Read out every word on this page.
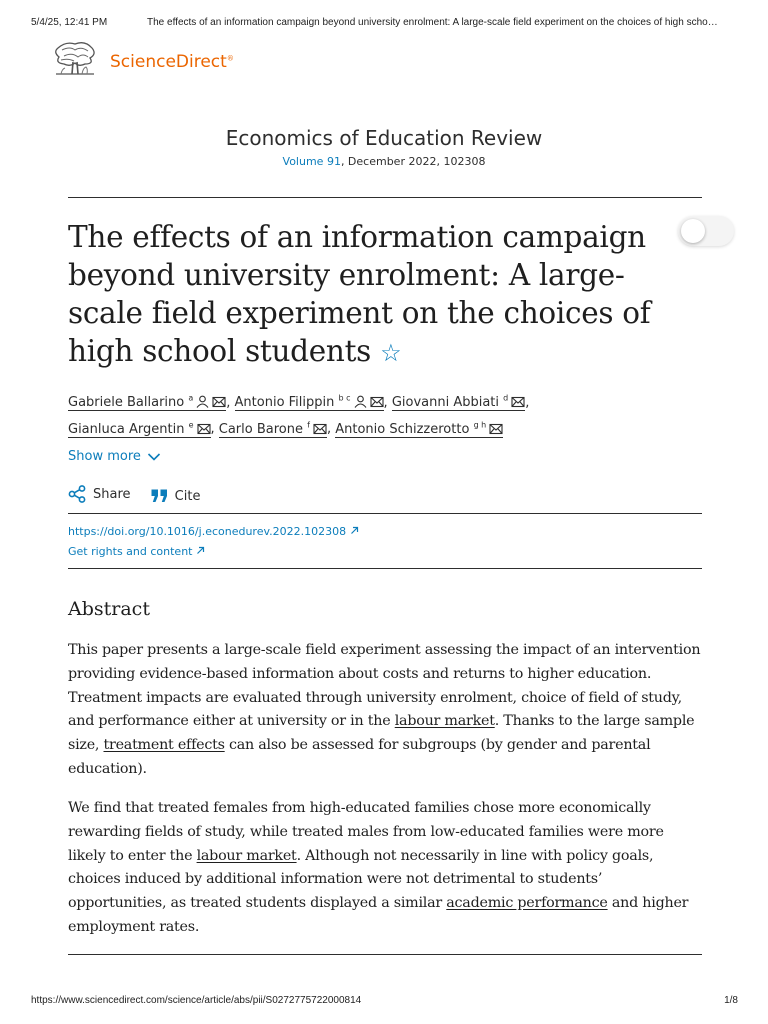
5/4/25, 12:41 PM	The effects of an information campaign beyond university enrolment: A large-scale field experiment on the choices of high scho…
ScienceDirect®
Economics of Education Review
Volume 91, December 2022, 102308
The effects of an information campaign beyond university enrolment: A large-scale field experiment on the choices of high school students ☆
Gabriele Ballarino $^a$	, Antonio Filippin $^{b c}$	, Giovanni Abbiati $^d$ ,
Gianluca Argentin $^e$ , Carlo Barone $^f$ , Antonio Schizzerotto $^{g h}$
Show more
Share
	Cite
https://doi.org/10.1016/j.econedurev.2022.102308
Get rights and content
Abstract

This paper presents a large-scale field experiment assessing the impact of an intervention providing evidence-based information about costs and returns to higher education. Treatment impacts are evaluated through university enrolment, choice of field of study, and performance either at university or in the labour market. Thanks to the large sample size, treatment effects can also be assessed for subgroups (by gender and parental education).

We find that treated females from high-educated families chose more economically rewarding fields of study, while treated males from low-educated families were more likely to enter the labour market. Although not necessarily in line with policy goals, choices induced by additional information were not detrimental to students’ opportunities, as treated students displayed a similar academic performance and higher employment rates.

https://www.sciencedirect.com/science/article/abs/pii/S0272775722000814	1/8
